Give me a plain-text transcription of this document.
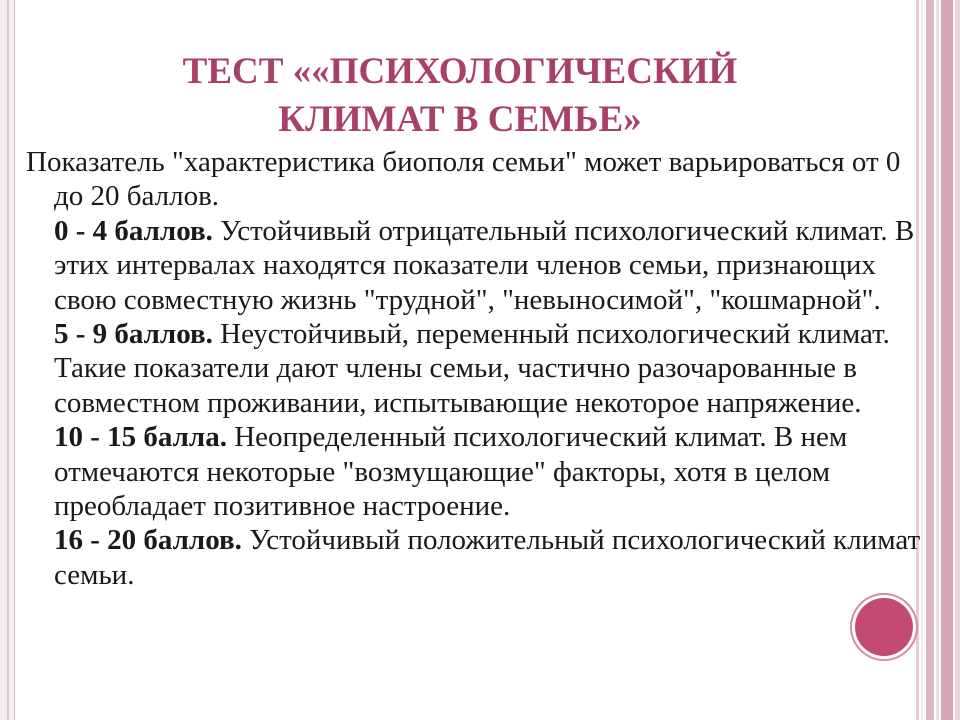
ТЕСТ ««ПСИХОЛОГИЧЕСКИЙ
КЛИМАТ В СЕМЬЕ»

Показатель "характеристика биополя семьи" может варьироваться от 0 до 20 баллов.

0 - 4 баллов. Устойчивый отрицательный психологический климат. В этих интервалах находятся показатели членов семьи, признающих свою совместную жизнь "трудной", "невыносимой", "кошмарной".

5 - 9 баллов. Неустойчивый, переменный психологический климат. Такие показатели дают члены семьи, частично разочарованные в совместном проживании, испытывающие некоторое напряжение.

10 - 15 балла. Неопределенный психологический климат. В нем отмечаются некоторые "возмущающие" факторы, хотя в целом преобладает позитивное настроение.

16 - 20 баллов. Устойчивый положительный психологический климат семьи.
